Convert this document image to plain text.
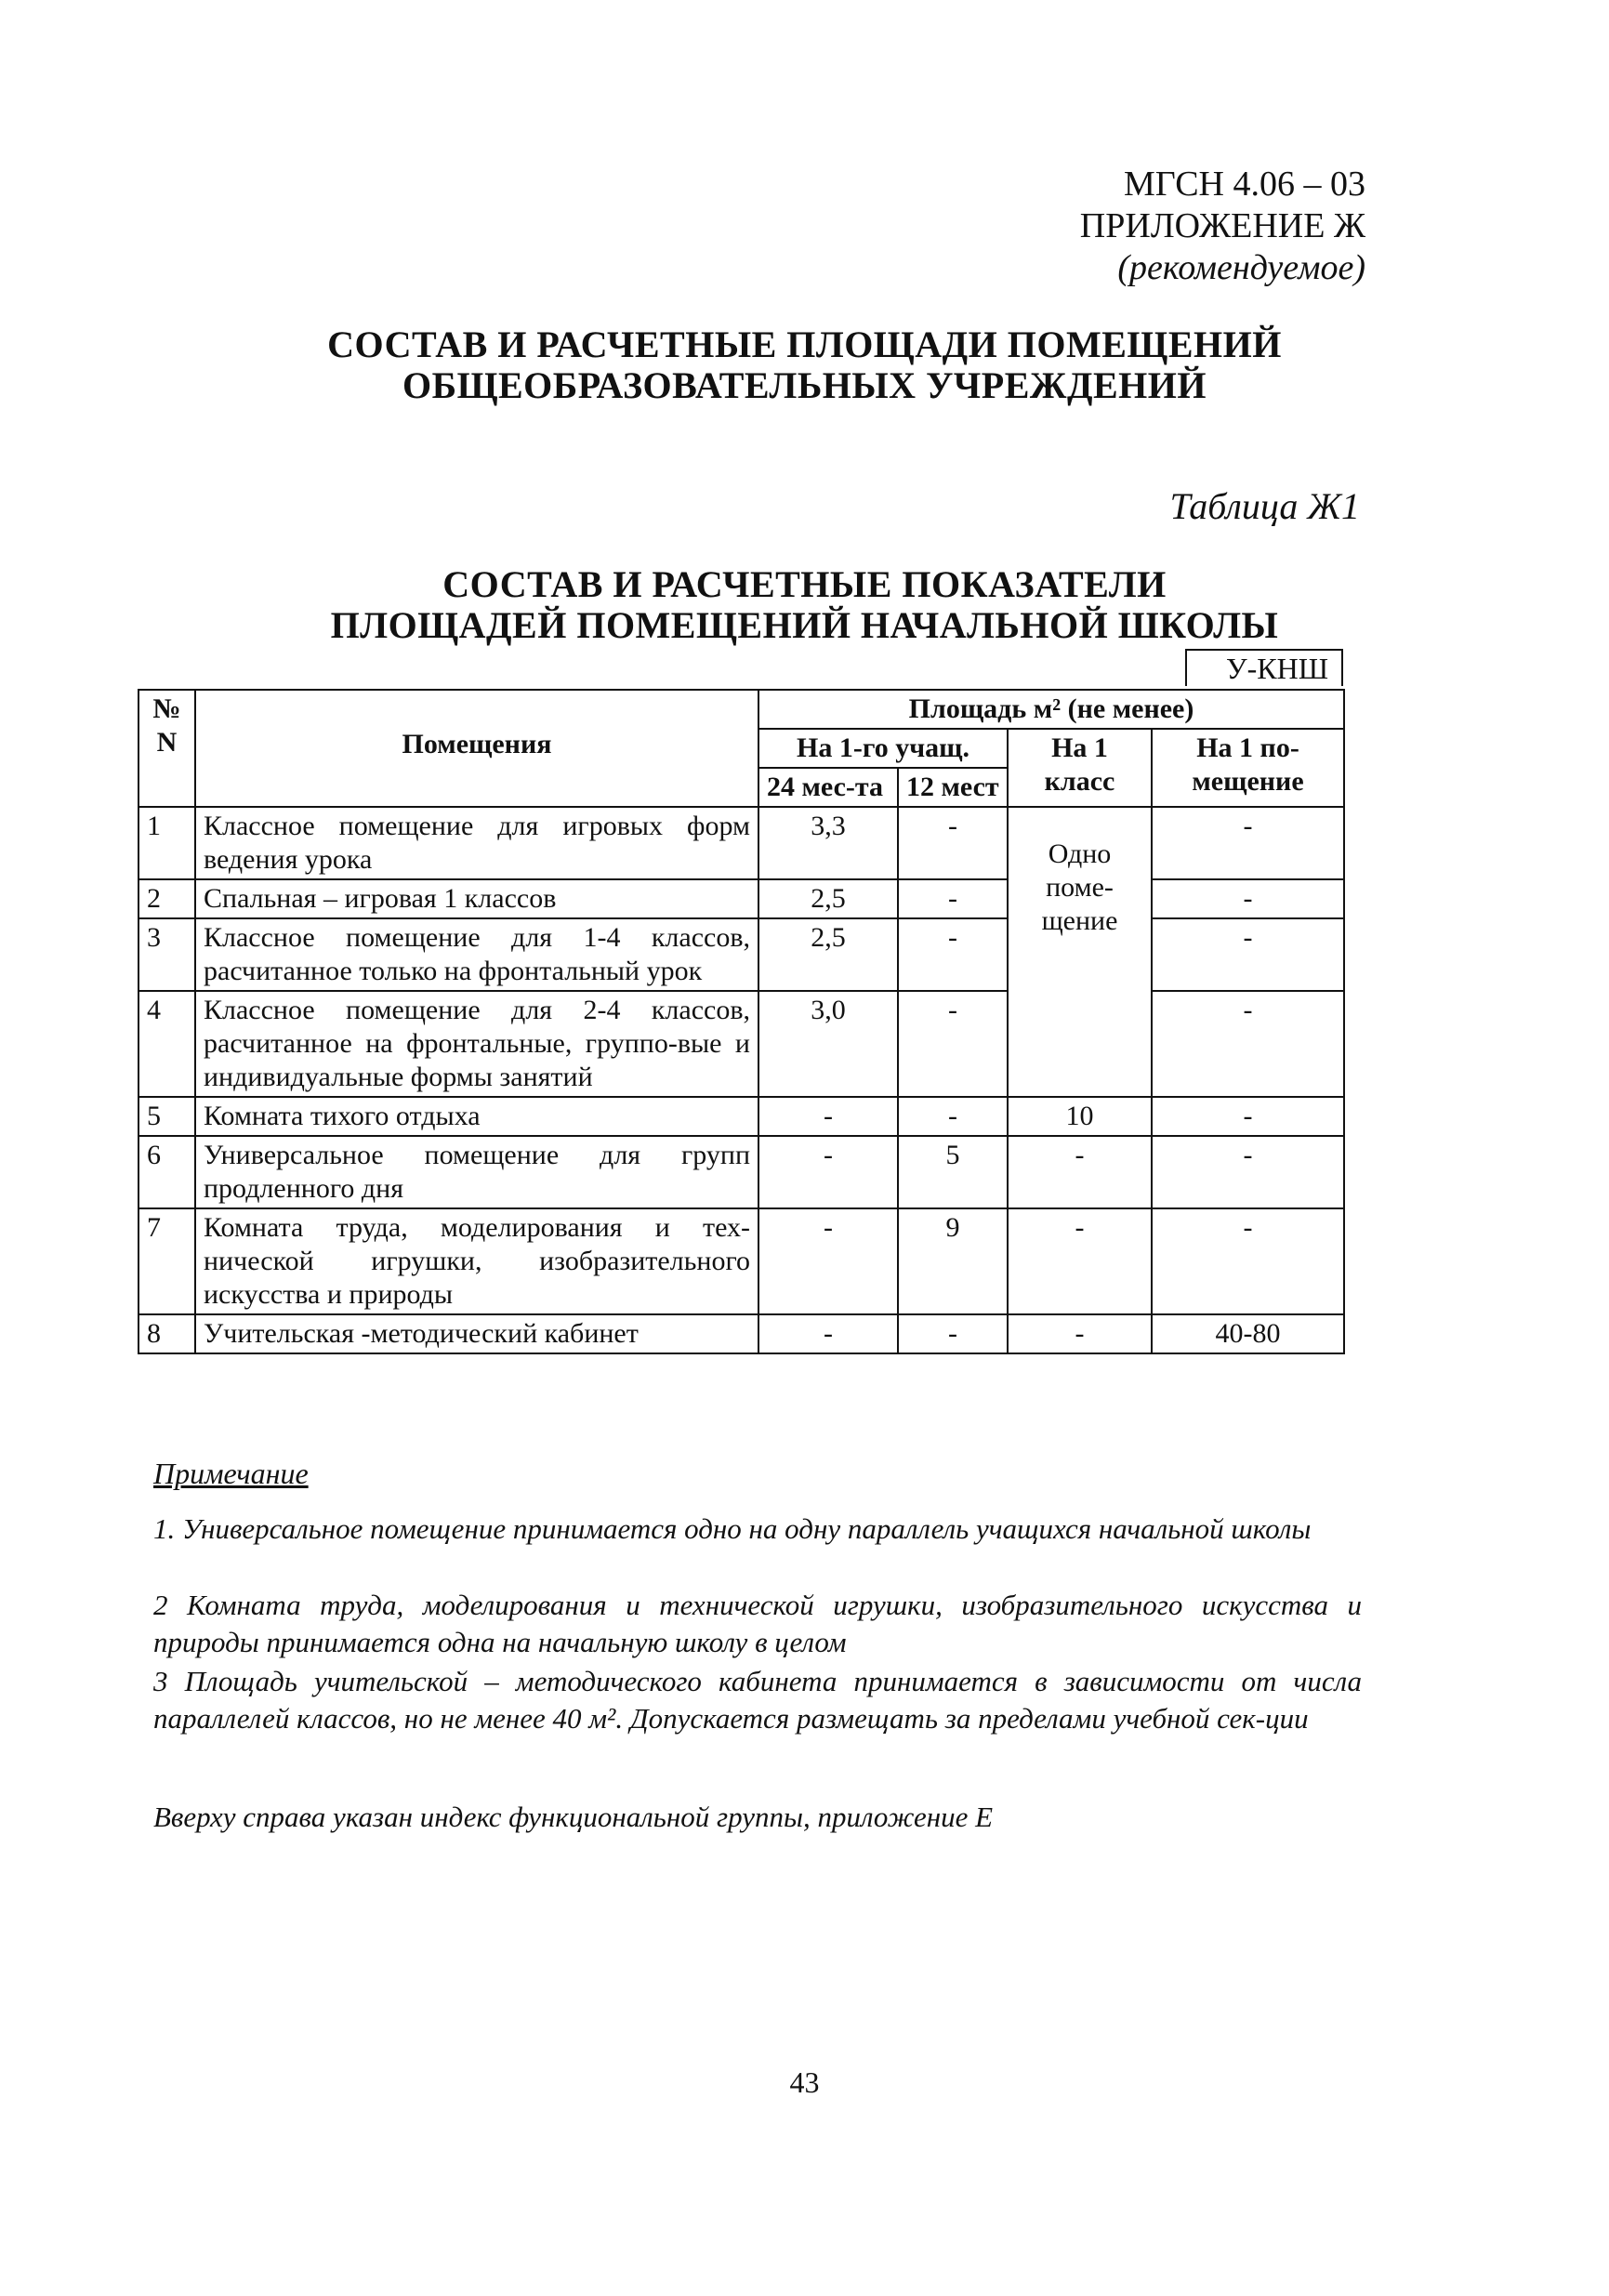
МГСН 4.06 – 03
ПРИЛОЖЕНИЕ Ж
(рекомендуемое)
СОСТАВ И РАСЧЕТНЫЕ ПЛОЩАДИ ПОМЕЩЕНИЙ
ОБЩЕОБРАЗОВАТЕЛЬНЫХ УЧРЕЖДЕНИЙ
Таблица Ж1
СОСТАВ И РАСЧЕТНЫЕ ПОКАЗАТЕЛИ
ПЛОЩАДЕЙ ПОМЕЩЕНИЙ НАЧАЛЬНОЙ ШКОЛЫ
У-КНШ
№ N	Помещения	Площадь м² (не менее)			
		На 1-го учащ.		На 1 класс	На 1 по-мещение
		24 мес-та	12 мест		
1	Классное помещение для игровых форм ведения урока	3,3	-	Одно поме-щение	-
2	Спальная – игровая 1 классов	2,5	-		-
3	Классное помещение для 1-4 классов, расчитанное только на фронтальный урок	2,5	-		-
4	Классное помещение для 2-4 классов, расчитанное на фронтальные, группо-вые и индивидуальные формы занятий	3,0	-		-
5	Комната тихого отдыха	-	-	10	-
6	Универсальное помещение для групп продленного дня	-	5	-	-
7	Комната труда, моделирования и тех-нической игрушки, изобразительного искусства и природы	-	9	-	-
8	Учительская -методический кабинет	-	-	-	40-80
Примечание
1. Универсальное помещение принимается одно на одну параллель учащихся начальной школы
2 Комната труда, моделирования и технической игрушки, изобразительного искусства и природы принимается одна на начальную школу в целом
3 Площадь учительской – методического кабинета принимается в зависимости от числа параллелей классов, но не менее 40 м². Допускается размещать за пределами учебной сек-ции
Вверху справа указан индекс функциональной группы, приложение Е
43
